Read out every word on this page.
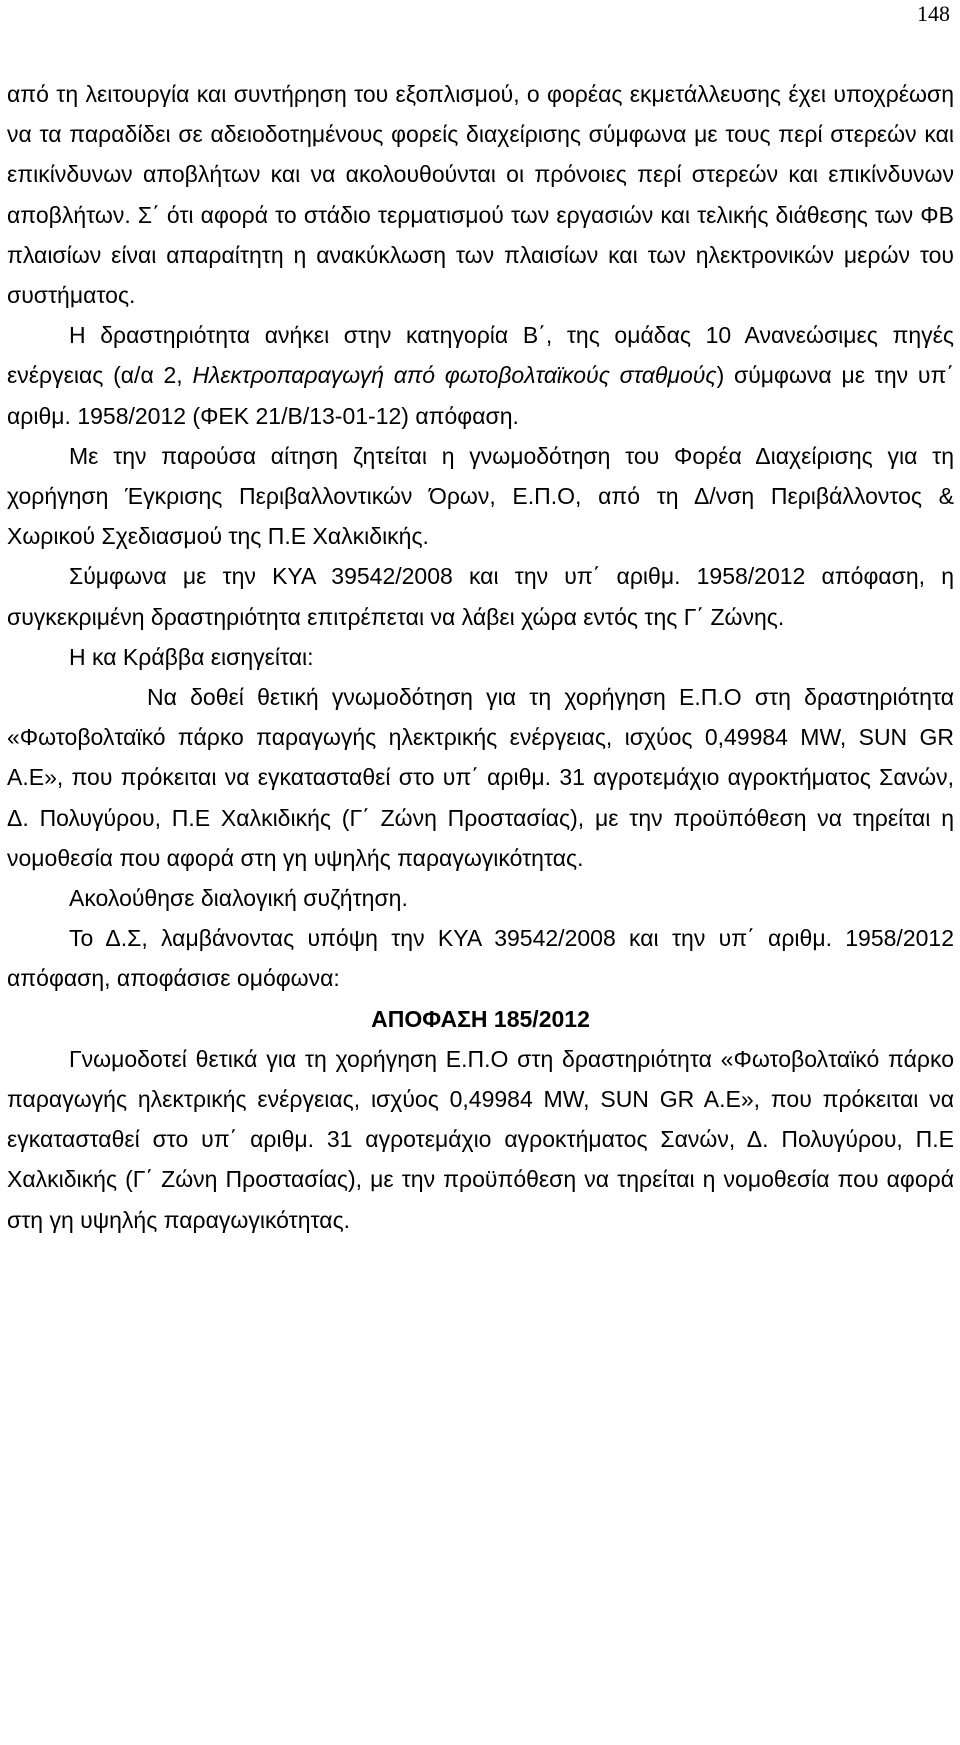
148

από τη λειτουργία και συντήρηση του εξοπλισμού, ο φορέας εκμετάλλευσης έχει υποχρέωση να τα παραδίδει σε αδειοδοτημένους φορείς διαχείρισης σύμφωνα με τους περί στερεών και επικίνδυνων αποβλήτων και να ακολουθούνται οι πρόνοιες περί στερεών και επικίνδυνων αποβλήτων. Σ΄ ότι αφορά το στάδιο τερματισμού των εργασιών και τελικής διάθεσης των ΦΒ πλαισίων είναι απαραίτητη η ανακύκλωση των πλαισίων και των ηλεκτρονικών μερών του συστήματος.

Η δραστηριότητα ανήκει στην κατηγορία Β΄, της ομάδας 10 Ανανεώσιμες πηγές ενέργειας (α/α 2, Ηλεκτροπαραγωγή από φωτοβολταϊκούς σταθμούς) σύμφωνα με την υπ΄ αριθμ. 1958/2012 (ΦΕΚ 21/Β/13-01-12) απόφαση.

Με την παρούσα αίτηση ζητείται η γνωμοδότηση του Φορέα Διαχείρισης για τη χορήγηση Έγκρισης Περιβαλλοντικών Όρων, Ε.Π.Ο, από τη Δ/νση Περιβάλλοντος & Χωρικού Σχεδιασμού της Π.Ε Χαλκιδικής.

Σύμφωνα με την ΚΥΑ 39542/2008 και την υπ΄ αριθμ. 1958/2012 απόφαση, η συγκεκριμένη δραστηριότητα επιτρέπεται να λάβει χώρα εντός της Γ΄ Ζώνης.

Η κα Κράββα εισηγείται:

Να δοθεί θετική γνωμοδότηση για τη χορήγηση Ε.Π.Ο στη δραστηριότητα «Φωτοβολταϊκό πάρκο παραγωγής ηλεκτρικής ενέργειας, ισχύος 0,49984 MW, SUN GR A.E», που πρόκειται να εγκατασταθεί στο υπ΄ αριθμ. 31 αγροτεμάχιο αγροκτήματος Σανών, Δ. Πολυγύρου, Π.Ε Χαλκιδικής (Γ΄ Ζώνη Προστασίας), με την προϋπόθεση να τηρείται η νομοθεσία που αφορά στη γη υψηλής παραγωγικότητας.

Ακολούθησε διαλογική συζήτηση.

Το Δ.Σ, λαμβάνοντας υπόψη την ΚΥΑ 39542/2008 και την υπ΄ αριθμ. 1958/2012 απόφαση, αποφάσισε ομόφωνα:

ΑΠΟΦΑΣΗ 185/2012

Γνωμοδοτεί θετικά για τη χορήγηση Ε.Π.Ο στη δραστηριότητα «Φωτοβολταϊκό πάρκο παραγωγής ηλεκτρικής ενέργειας, ισχύος 0,49984 MW, SUN GR A.E», που πρόκειται να εγκατασταθεί στο υπ΄ αριθμ. 31 αγροτεμάχιο αγροκτήματος Σανών, Δ. Πολυγύρου, Π.Ε Χαλκιδικής (Γ΄ Ζώνη Προστασίας), με την προϋπόθεση να τηρείται η νομοθεσία που αφορά στη γη υψηλής παραγωγικότητας.
